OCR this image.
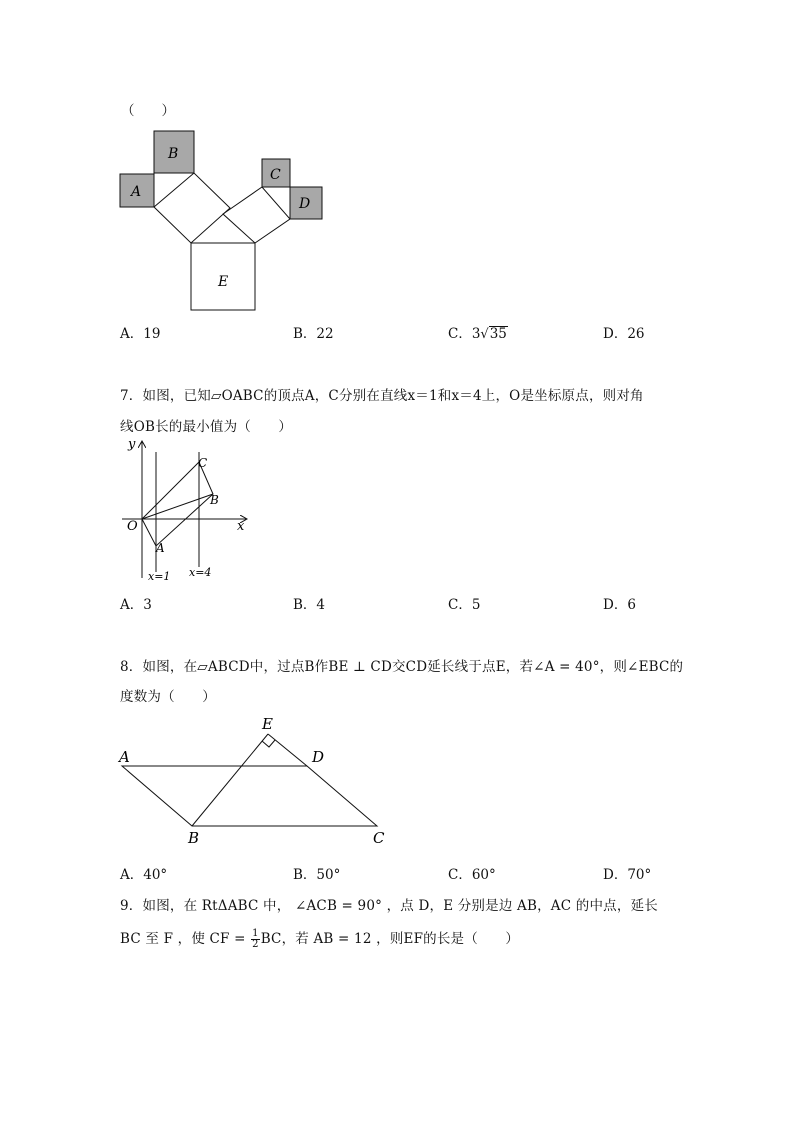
（　　）
B
A
C
D
E
A．19	B．22	C．3√35	D．26
7．如图，已知▱OABC的顶点A，C分别在直线x＝1和x＝4上，O是坐标原点，则对角
线OB长的最小值为（　　）
y
x
O
A
B
C
x=1 x=4
A．3	B．4	C．5	D．6
8．如图，在▱ABCD中，过点B作BE ⊥ CD交CD延长线于点E，若∠A = 40°，则∠EBC的
度数为（　　）
E
A	D
B	C
A．40°	B．50°	C．60°	D．70°
9．如图，在 RtΔABC 中， ∠ACB = 90° ，点 D，E 分别是边 AB，AC 的中点，延长
BC 至 F ，使 CF = $\frac{1}{2}$ BC，若 AB = 12 ，则EF的长是（　　）
